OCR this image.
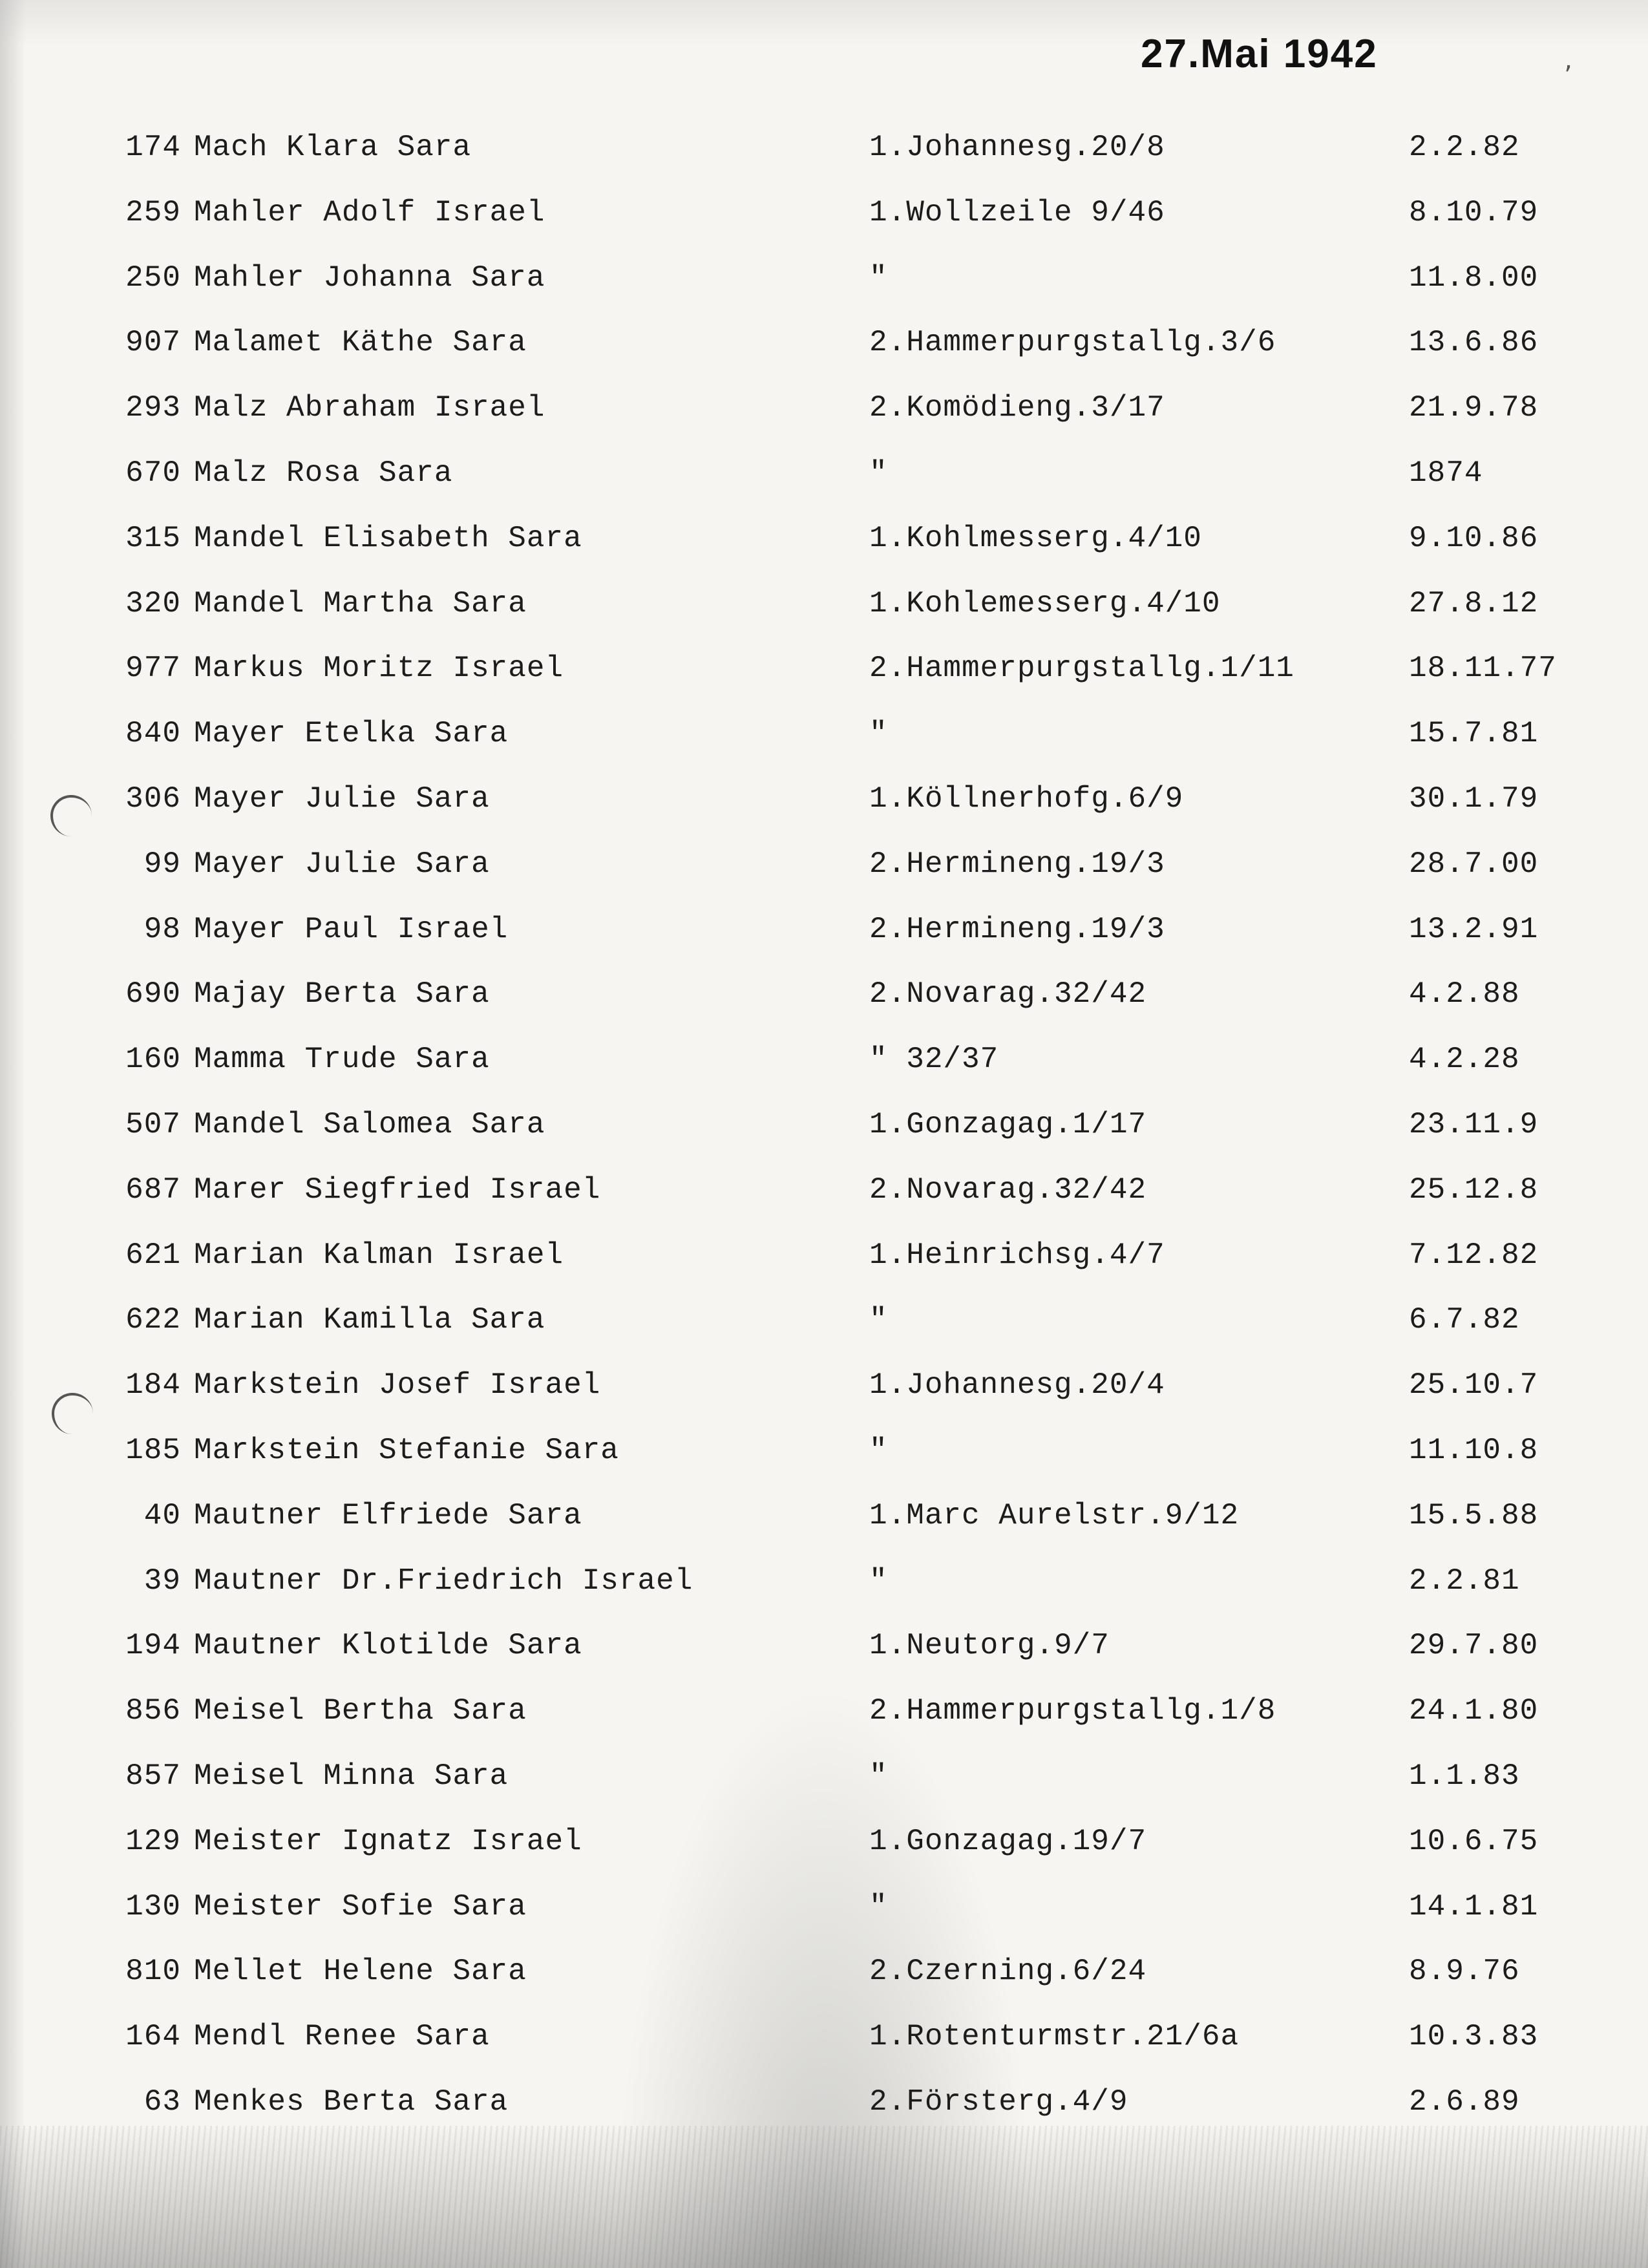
27.Mai 1942	‚
174 Mach Klara Sara	1.Johannesg.20/8	2.2.82
259 Mahler Adolf Israel	1.Wollzeile 9/46	8.10.79
250 Mahler Johanna Sara	"	11.8.00
907 Malamet Käthe Sara	2.Hammerpurgstallg.3/6	13.6.86
293 Malz Abraham Israel	2.Komödieng.3/17	21.9.78
670 Malz Rosa Sara	"	1874
315 Mandel Elisabeth Sara	1.Kohlmesserg.4/10	9.10.86
320 Mandel Martha Sara	1.Kohlemesserg.4/10	27.8.12
977 Markus Moritz Israel	2.Hammerpurgstallg.1/11	18.11.77
840 Mayer Etelka Sara	"	15.7.81
306 Mayer Julie Sara	1.Köllnerhofg.6/9	30.1.79
99 Mayer Julie Sara	2.Hermineng.19/3	28.7.00
98 Mayer Paul Israel	2.Hermineng.19/3	13.2.91
690 Majay Berta Sara	2.Novarag.32/42	4.2.88
160 Mamma Trude Sara	" 32/37	4.2.28
507 Mandel Salomea Sara	1.Gonzagag.1/17	23.11.9
687 Marer Siegfried Israel	2.Novarag.32/42	25.12.8
621 Marian Kalman Israel	1.Heinrichsg.4/7	7.12.82
622 Marian Kamilla Sara	"	6.7.82
184 Markstein Josef Israel	1.Johannesg.20/4	25.10.7
185 Markstein Stefanie Sara	"	11.10.8
40 Mautner Elfriede Sara	1.Marc Aurelstr.9/12	15.5.88
39 Mautner Dr.Friedrich Israel	"	2.2.81
194 Mautner Klotilde Sara	1.Neutorg.9/7	29.7.80
856 Meisel Bertha Sara	2.Hammerpurgstallg.1/8	24.1.80
857 Meisel Minna Sara	"	1.1.83
129 Meister Ignatz Israel	1.Gonzagag.19/7	10.6.75
130 Meister Sofie Sara	"	14.1.81
810 Mellet Helene Sara	2.Czerning.6/24	8.9.76
164 Mendl Renee Sara	1.Rotenturmstr.21/6a	10.3.83
63 Menkes Berta Sara	2.Försterg.4/9	2.6.89
